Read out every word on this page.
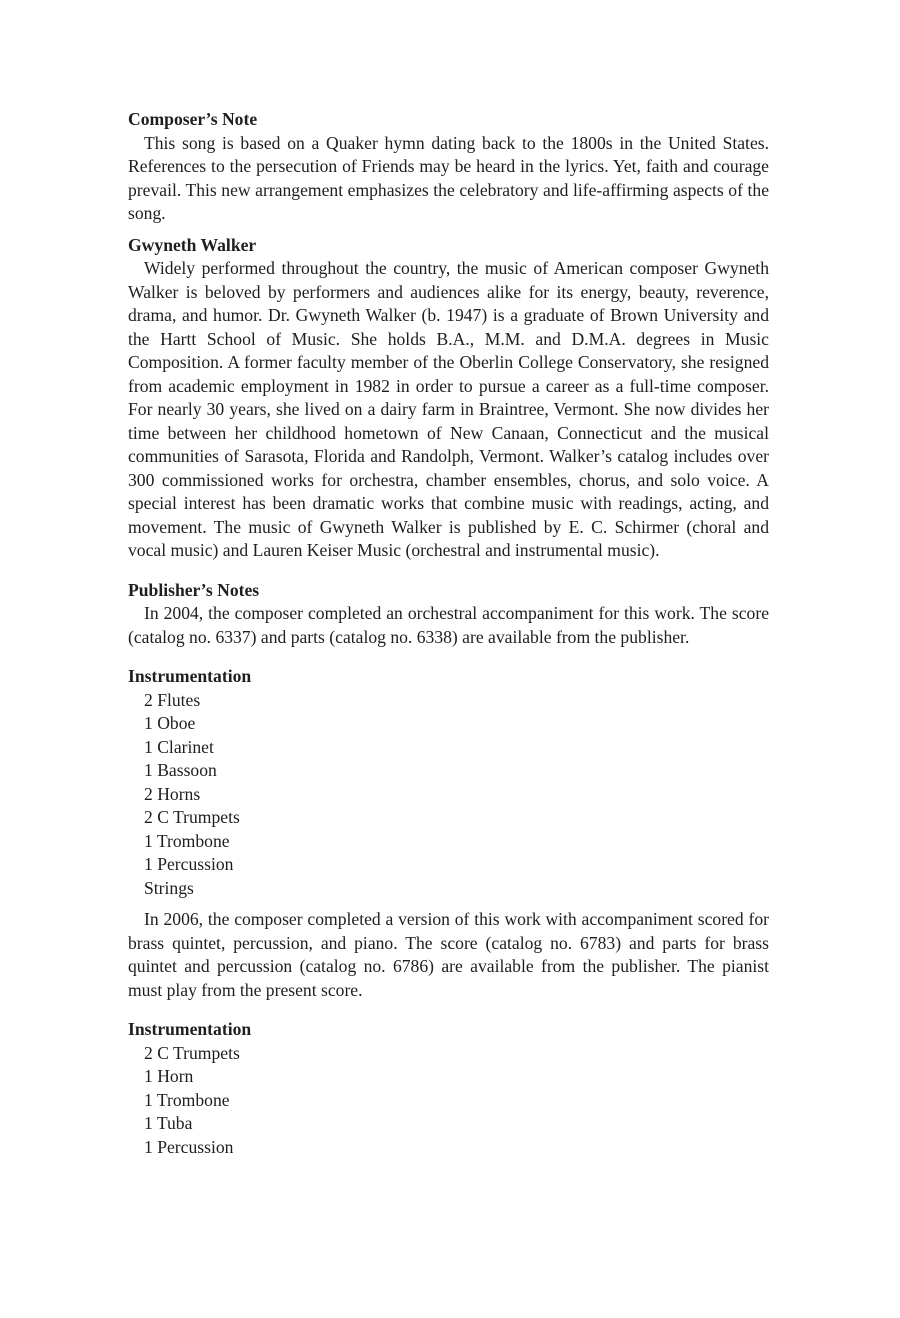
Composer’s Note

This song is based on a Quaker hymn dating back to the 1800s in the United States. References to the persecution of Friends may be heard in the lyrics. Yet, faith and courage prevail. This new arrangement emphasizes the celebratory and life-affirming aspects of the song.

Gwyneth Walker

Widely performed throughout the country, the music of American composer Gwyneth Walker is beloved by performers and audiences alike for its energy, beauty, reverence, drama, and humor. Dr. Gwyneth Walker (b. 1947) is a graduate of Brown University and the Hartt School of Music. She holds B.A., M.M. and D.M.A. degrees in Music Composition. A former faculty member of the Oberlin College Conservatory, she resigned from academic employment in 1982 in order to pursue a career as a full-time composer. For nearly 30 years, she lived on a dairy farm in Braintree, Vermont. She now divides her time between her childhood hometown of New Canaan, Connecticut and the musical communities of Sarasota, Florida and Randolph, Vermont. Walker’s catalog includes over 300 commissioned works for orchestra, chamber ensembles, chorus, and solo voice. A special interest has been dramatic works that combine music with readings, acting, and movement. The music of Gwyneth Walker is published by E. C. Schirmer (choral and vocal music) and Lauren Keiser Music (orchestral and instrumental music).

Publisher’s Notes

In 2004, the composer completed an orchestral accompaniment for this work. The score (catalog no. 6337) and parts (catalog no. 6338) are available from the publisher.

Instrumentation

2 Flutes
1 Oboe
1 Clarinet
1 Bassoon
2 Horns
2 C Trumpets
1 Trombone
1 Percussion
Strings

In 2006, the composer completed a version of this work with accompaniment scored for brass quintet, percussion, and piano. The score (catalog no. 6783) and parts for brass quintet and percussion (catalog no. 6786) are available from the publisher. The pianist must play from the present score.

Instrumentation

2 C Trumpets
1 Horn
1 Trombone
1 Tuba
1 Percussion
